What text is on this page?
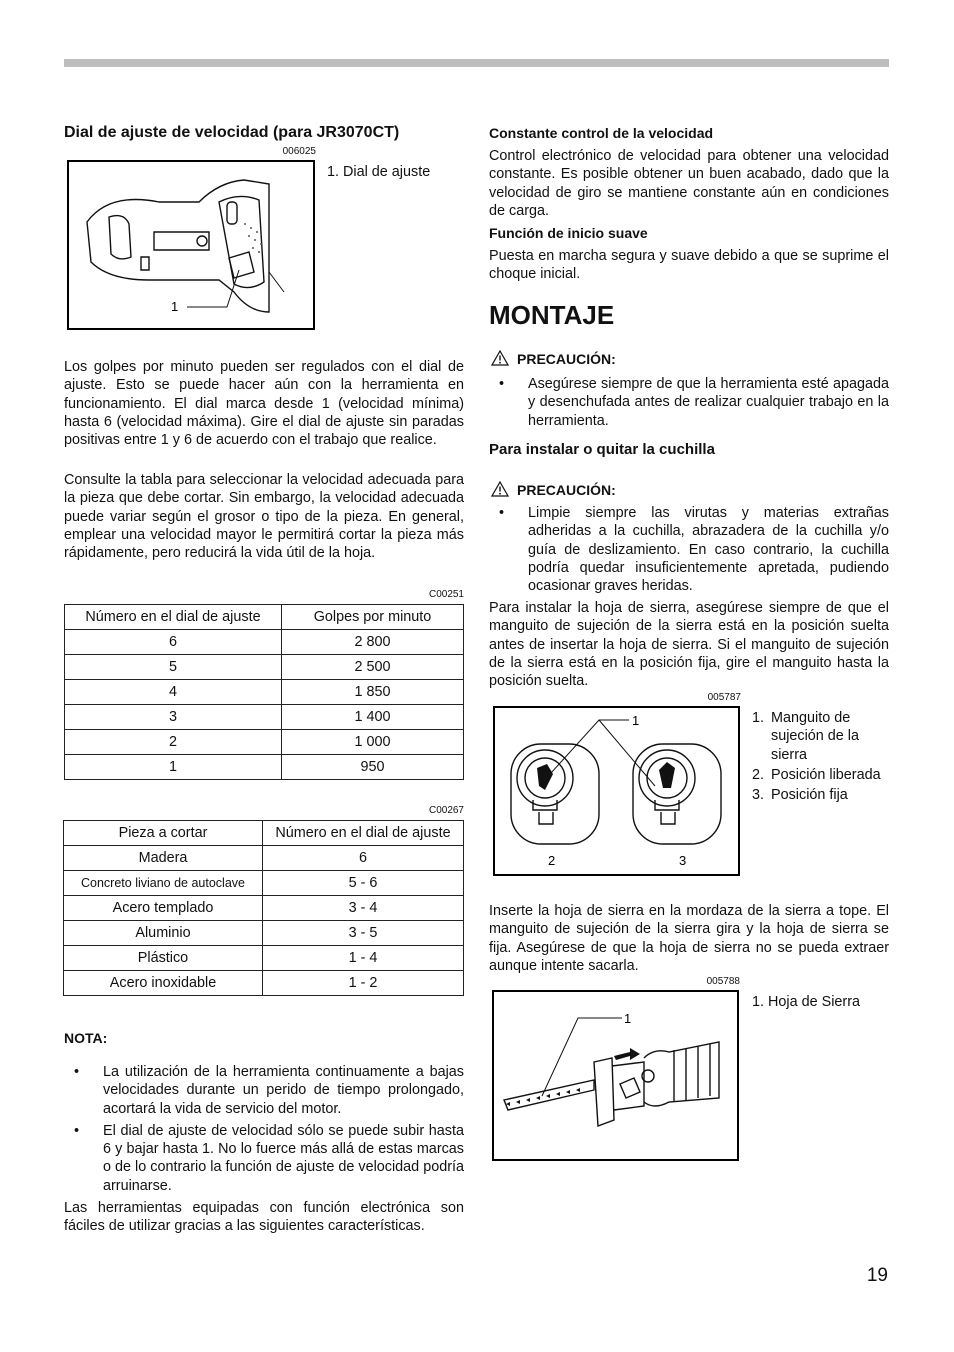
Dial de ajuste de velocidad (para JR3070CT)
006025
1
1. Dial de ajuste
Los golpes por minuto pueden ser regulados con el dial de ajuste. Esto se puede hacer aún con la herramienta en funcionamiento. El dial marca desde 1 (velocidad mínima) hasta 6 (velocidad máxima). Gire el dial de ajuste sin paradas positivas entre 1 y 6 de acuerdo con el trabajo que realice.
Consulte la tabla para seleccionar la velocidad adecuada para la pieza que debe cortar. Sin embargo, la velocidad adecuada puede variar según el grosor o tipo de la pieza. En general, emplear una velocidad mayor le permitirá cortar la pieza más rápidamente, pero reducirá la vida útil de la hoja.
C00251
Número en el dial de ajuste	Golpes por minuto
6	2 800
5	2 500
4	1 850
3	1 400
2	1 000
1	950
C00267
Pieza a cortar	Número en el dial de ajuste
Madera	6
Concreto liviano de autoclave	5 - 6
Acero templado	3 - 4
Aluminio	3 - 5
Plástico	1 - 4
Acero inoxidable	1 - 2
NOTA:
• La utilización de la herramienta continuamente a bajas velocidades durante un perido de tiempo prolongado, acortará la vida de servicio del motor.
• El dial de ajuste de velocidad sólo se puede subir hasta 6 y bajar hasta 1. No lo fuerce más allá de estas marcas o de lo contrario la función de ajuste de velocidad podría arruinarse.
Las herramientas equipadas con función electrónica son fáciles de utilizar gracias a las siguientes características.
Constante control de la velocidad
Control electrónico de velocidad para obtener una velocidad constante. Es posible obtener un buen acabado, dado que la velocidad de giro se mantiene constante aún en condiciones de carga.
Función de inicio suave
Puesta en marcha segura y suave debido a que se suprime el choque inicial.
MONTAJE
PRECAUCIÓN:
• Asegúrese siempre de que la herramienta esté apagada y desenchufada antes de realizar cualquier trabajo en la herramienta.
Para instalar o quitar la cuchilla
PRECAUCIÓN:
• Limpie siempre las virutas y materias extrañas adheridas a la cuchilla, abrazadera de la cuchilla y/o guía de deslizamiento. En caso contrario, la cuchilla podría quedar insuficientemente apretada, pudiendo ocasionar graves heridas.
Para instalar la hoja de sierra, asegúrese siempre de que el manguito de sujeción de la sierra está en la posición suelta antes de insertar la hoja de sierra. Si el manguito de sujeción de la sierra está en la posición fija, gire el manguito hasta la posición suelta.
005787
1
2	3
1. Manguito de sujeción de la sierra
2. Posición liberada
3. Posición fija
Inserte la hoja de sierra en la mordaza de la sierra a tope. El manguito de sujeción de la sierra gira y la hoja de sierra se fija. Asegúrese de que la hoja de sierra no se pueda extraer aunque intente sacarla.
005788
1
1. Hoja de Sierra
19
